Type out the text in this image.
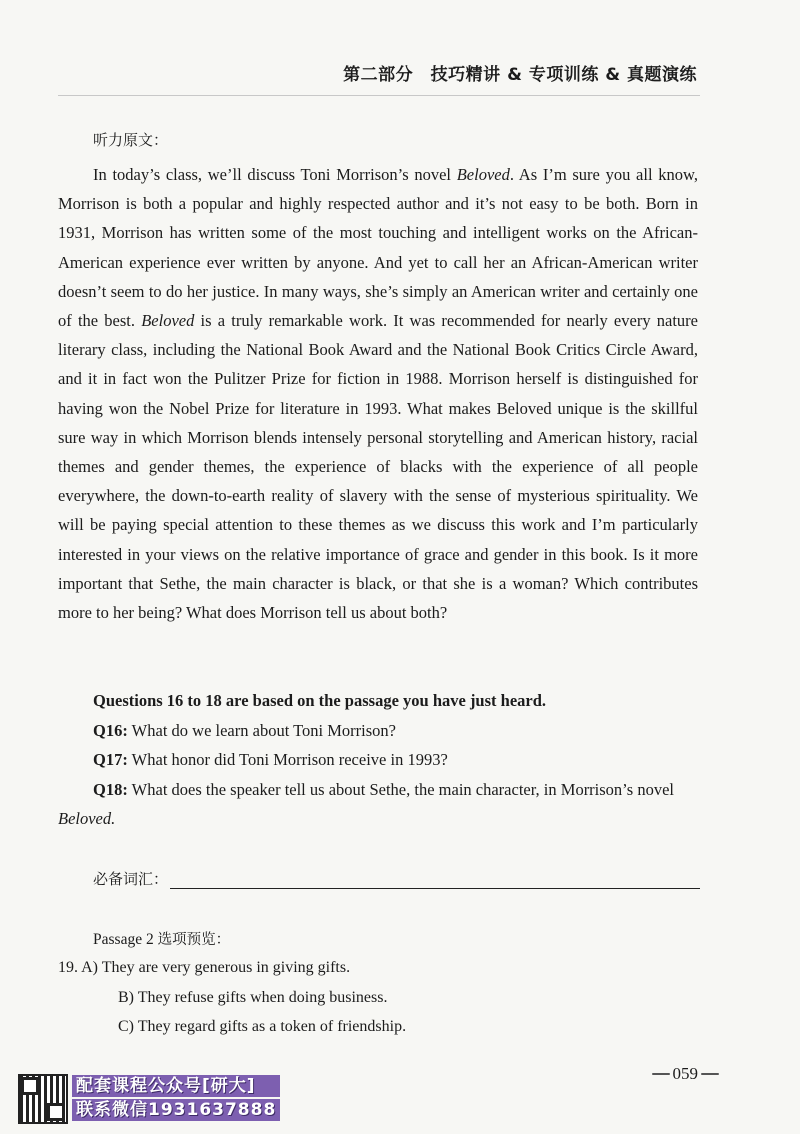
第二部分　技巧精讲 & 专项训练 & 真题演练
听力原文：

In today’s class, we’ll discuss Toni Morrison’s novel Beloved. As I’m sure you all know, Morrison is both a popular and highly respected author and it’s not easy to be both. Born in 1931, Morrison has written some of the most touching and intelligent works on the African-American experience ever written by anyone. And yet to call her an African-American writer doesn’t seem to do her justice. In many ways, she’s simply an American writer and certainly one of the best. Beloved is a truly remarkable work. It was recommended for nearly every nature literary class, including the National Book Award and the National Book Critics Circle Award, and it in fact won the Pulitzer Prize for fiction in 1988. Morrison herself is distinguished for having won the Nobel Prize for literature in 1993. What makes Beloved unique is the skillful sure way in which Morrison blends intensely personal storytelling and American history, racial themes and gender themes, the experience of blacks with the experience of all people everywhere, the down-to-earth reality of slavery with the sense of mysterious spirituality. We will be paying special attention to these themes as we discuss this work and I’m particularly interested in your views on the relative importance of grace and gender in this book. Is it more important that Sethe, the main character is black, or that she is a woman? Which contributes more to her being? What does Morrison tell us about both?

Questions 16 to 18 are based on the passage you have just heard.
Q16: What do we learn about Toni Morrison?
Q17: What honor did Toni Morrison receive in 1993?
Q18: What does the speaker tell us about Sethe, the main character, in Morrison’s novel
Beloved.
必备词汇：
Passage 2 选项预览：
19. A) They are very generous in giving gifts.
B) They refuse gifts when doing business.
C) They regard gifts as a token of friendship.
059
配套课程公众号[研大]
联系微信1931637888
